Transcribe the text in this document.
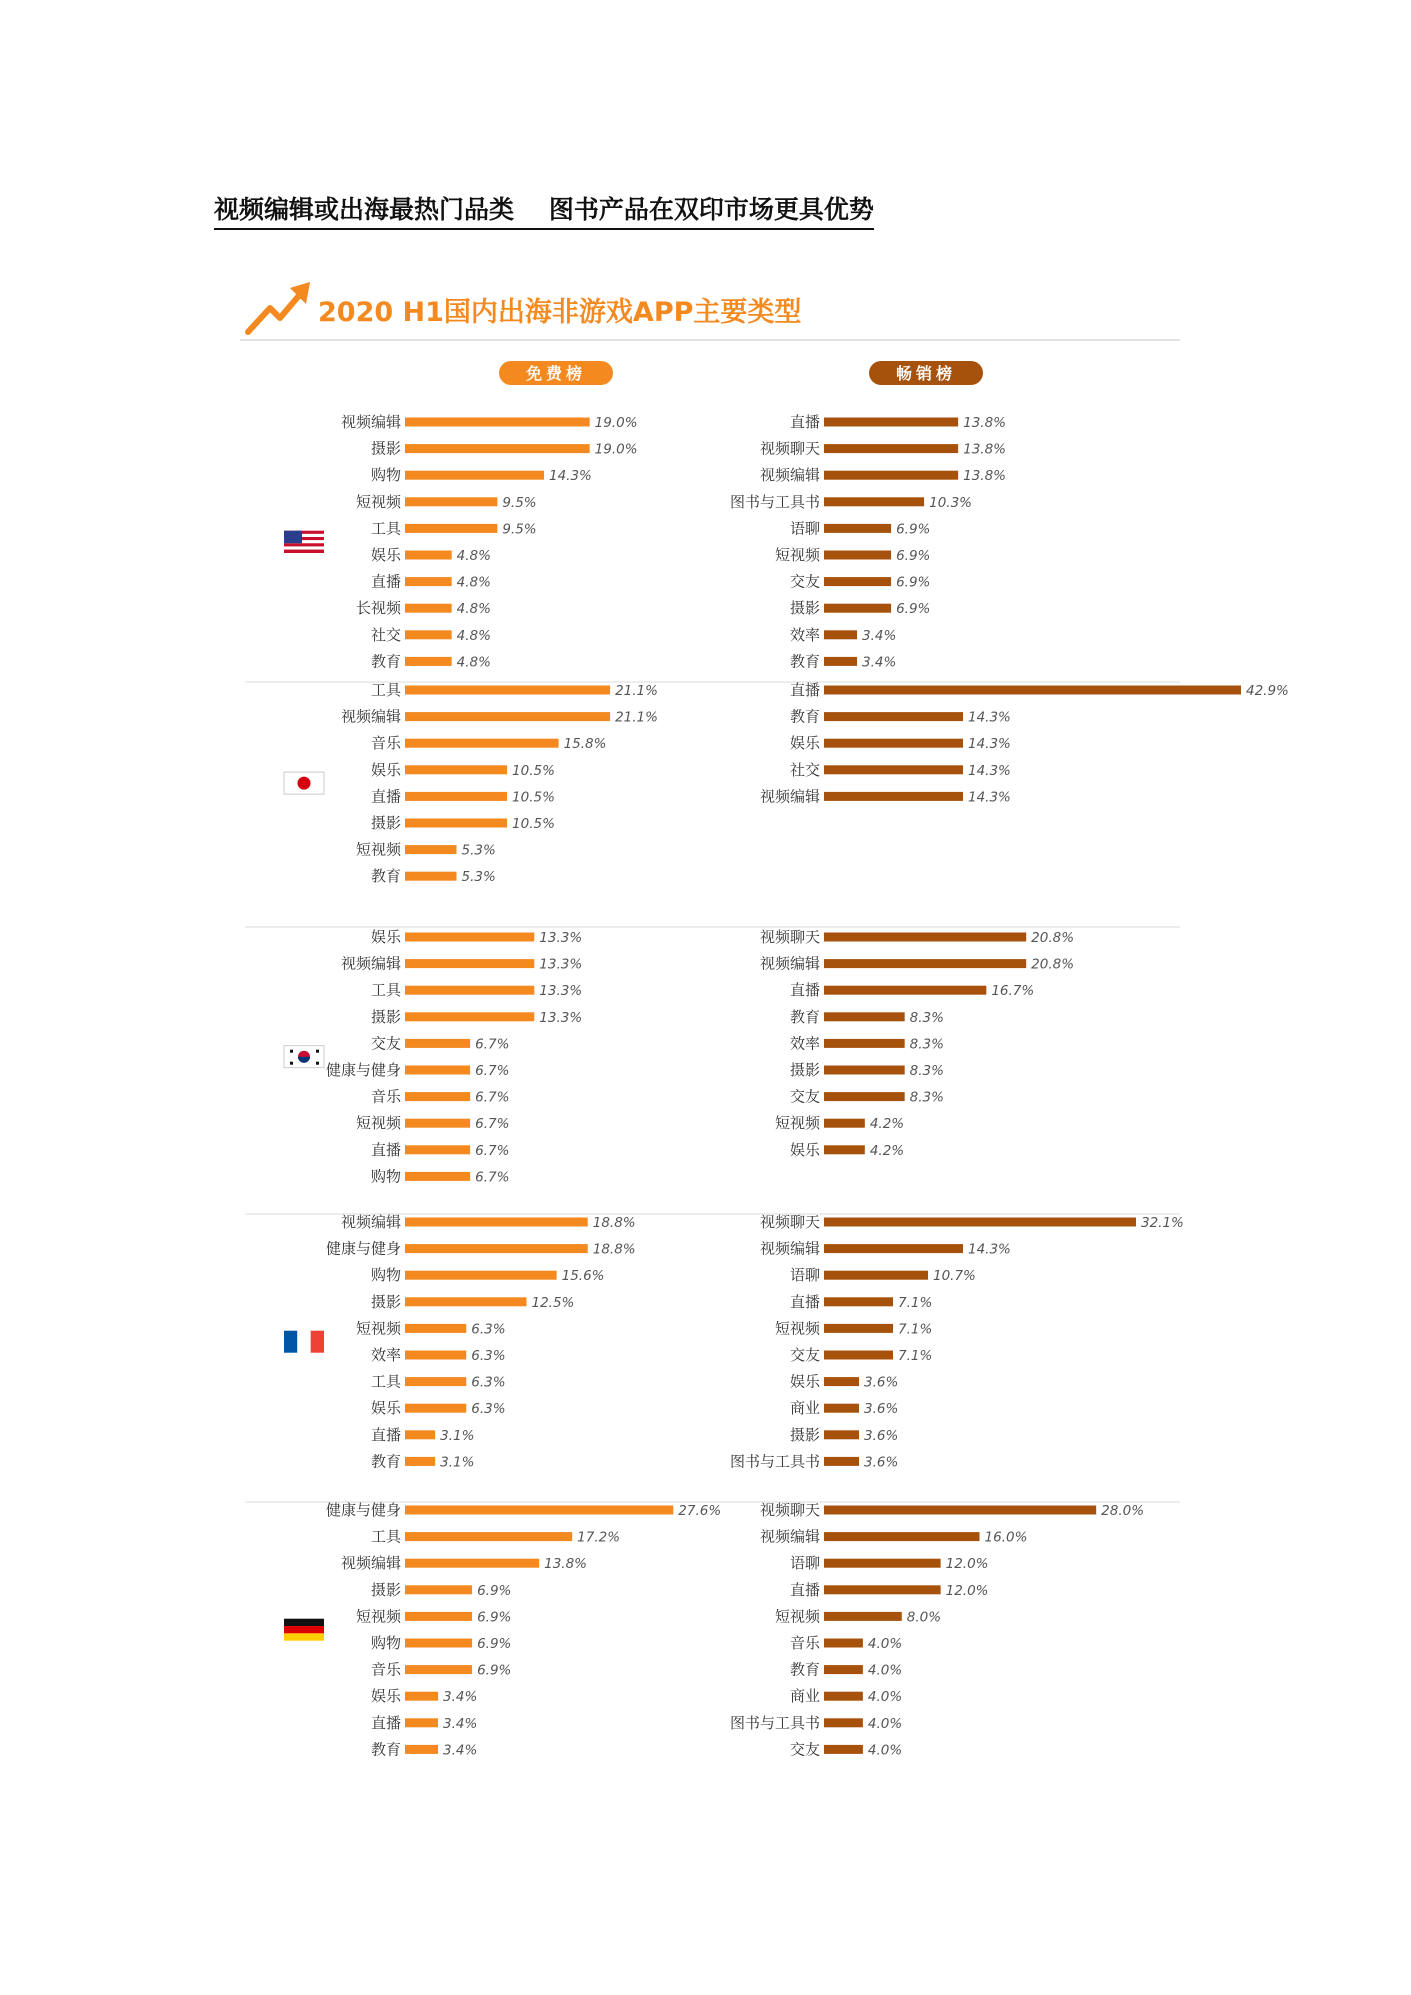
视频编辑或出海最热门品类    图书产品在双印市场更具优势
2020 H1国内出海非游戏APP主要类型
免费榜	畅销榜
视频编辑	19.0%
摄影	19.0%
购物	14.3%
短视频	9.5%
工具	9.5%
娱乐	4.8%
直播	4.8%
长视频	4.8%
社交	4.8%
教育	4.8%
直播	13.8%
视频聊天	13.8%
视频编辑	13.8%
图书与工具书	10.3%
语聊	6.9%
短视频	6.9%
交友	6.9%
摄影	6.9%
效率	3.4%
教育	3.4%
工具	21.1%
视频编辑	21.1%
音乐	15.8%
娱乐	10.5%
直播	10.5%
摄影	10.5%
短视频	5.3%
教育	5.3%
直播	42.9%
教育	14.3%
娱乐	14.3%
社交	14.3%
视频编辑	14.3%
娱乐	13.3%
视频编辑	13.3%
工具	13.3%
摄影	13.3%
交友	6.7%
健康与健身	6.7%
音乐	6.7%
短视频	6.7%
直播	6.7%
购物	6.7%
视频聊天	20.8%
视频编辑	20.8%
直播	16.7%
教育	8.3%
效率	8.3%
摄影	8.3%
交友	8.3%
短视频	4.2%
娱乐	4.2%
视频编辑	18.8%
健康与健身	18.8%
购物	15.6%
摄影	12.5%
短视频	6.3%
效率	6.3%
工具	6.3%
娱乐	6.3%
直播	3.1%
教育	3.1%
视频聊天	32.1%
视频编辑	14.3%
语聊	10.7%
直播	7.1%
短视频	7.1%
交友	7.1%
娱乐	3.6%
商业	3.6%
摄影	3.6%
图书与工具书	3.6%
健康与健身	27.6%
工具	17.2%
视频编辑	13.8%
摄影	6.9%
短视频	6.9%
购物	6.9%
音乐	6.9%
娱乐	3.4%
直播	3.4%
教育	3.4%
视频聊天	28.0%
视频编辑	16.0%
语聊	12.0%
直播	12.0%
短视频	8.0%
音乐	4.0%
教育	4.0%
商业	4.0%
图书与工具书	4.0%
交友	4.0%
